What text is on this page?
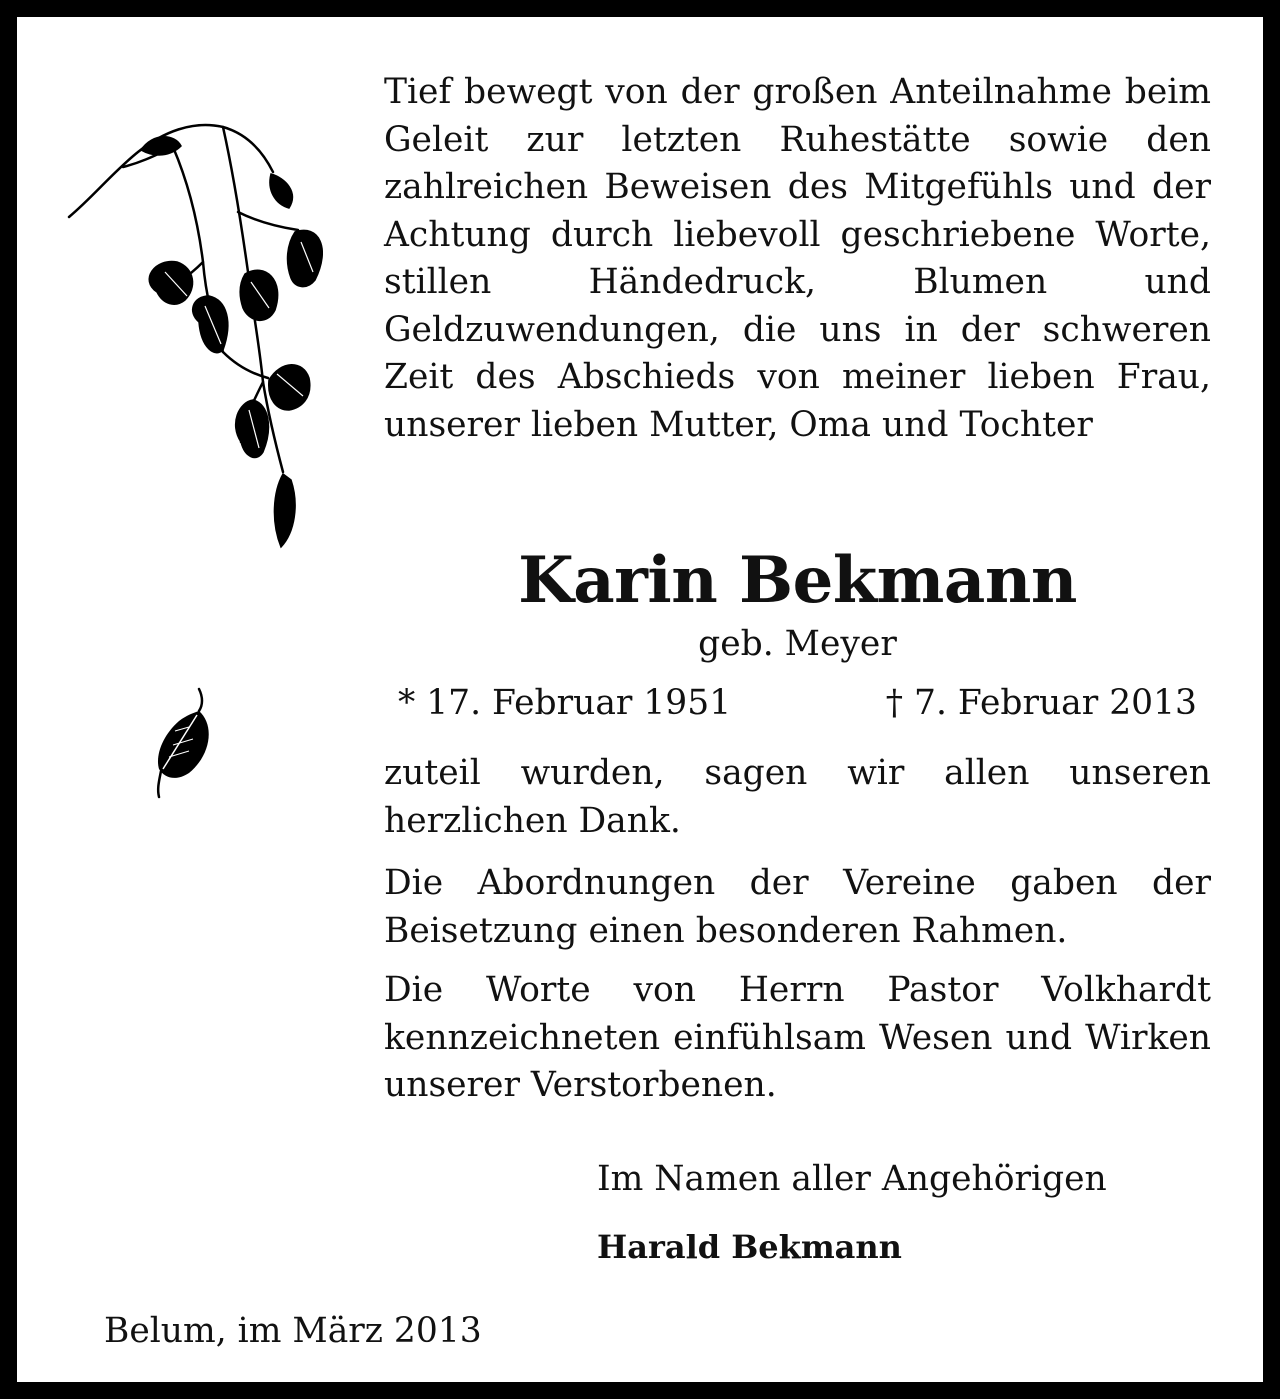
Tief bewegt von der großen Anteilnahme beim Geleit zur letzten Ruhestätte sowie den zahlreichen Beweisen des Mitgefühls und der Achtung durch liebevoll geschriebene Worte, stillen Händedruck, Blumen und Geldzuwendungen, die uns in der schweren Zeit des Abschieds von meiner lieben Frau, unserer lieben Mutter, Oma und Tochter
Karin Bekmann
geb. Meyer
* 17. Februar 1951	† 7. Februar 2013
zuteil wurden, sagen wir allen unseren herzlichen Dank.
Die Abordnungen der Vereine gaben der Beisetzung einen besonderen Rahmen.
Die Worte von Herrn Pastor Volkhardt kennzeichneten einfühlsam Wesen und Wirken unserer Verstorbenen.
Im Namen aller Angehörigen
Harald Bekmann
Belum, im März 2013
